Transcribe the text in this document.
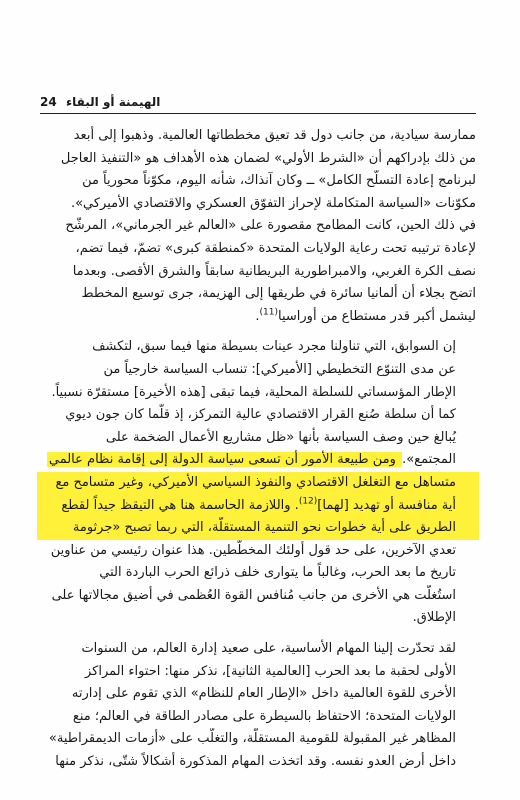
24 الهيمنة أو البقاء

ممارسة سيادية، من جانب دول قد تعيق مخططاتها العالمية. وذهبوا إلى أبعد
من ذلك بإدراكهم أن «الشرط الأولي» لضمان هذه الأهداف هو «التنفيذ العاجل
لبرنامج إعادة التسلّح الكامل» ــ وكان آنذاك، شأنه اليوم، مكوّناً محورياً من
مكوّنات «السياسة المتكاملة لإحراز التفوّق العسكري والاقتصادي الأميركي».
في ذلك الحين، كانت المطامح مقصورة على «العالم غير الجرماني»، المرشّح
لإعادة ترتيبه تحت رعاية الولايات المتحدة «كمنطقة كبرى» تضمّ، فيما تضم،
نصف الكرة الغربي، والامبراطورية البريطانية سابقاً والشرق الأقصى. وبعدما
اتضح بجلاء أن ألمانيا سائرة في طريقها إلى الهزيمة، جرى توسيع المخطط
ليشمل أكبر قدر مستطاع من أوراسيا$^{(11)}$.

إن السوابق، التي تناولنا مجرد عينات بسيطة منها فيما سبق، لتكشف
عن مدى التنوّع التخطيطي [الأميركي]: تنساب السياسة خارجياً من
الإطار المؤسساتي للسلطة المحلية، فيما تبقى [هذه الأخيرة] مستقرّة نسبياً.
كما أن سلطة صُنع القرار الاقتصادي عالية التمركز، إذ قلّما كان جون ديوي
يُبالغ حين وصف السياسة بأنها «ظل مشاريع الأعمال الضخمة على
المجتمع». ومن طبيعة الأمور أن تسعى سياسة الدولة إلى إقامة نظام عالمي
متساهل مع التغلغل الاقتصادي والنفوذ السياسي الأميركي، وغير متسامح مع
أية منافسة أو تهديد [لهما]$^{(12)}$. واللازمة الحاسمة هنا هي التيقظ جيداً لقطع
الطريق على أية خطوات نحو التنمية المستقلّة، التي ربما تصبح «جرثومة
تعدي الآخرين، على حد قول أولئك المخطّطين. هذا عنوان رئيسي من عناوين
تاريخ ما بعد الحرب، وغالباً ما يتوارى خلف ذرائع الحرب الباردة التي
استُغلّت هي الأخرى من جانب مُنافس القوة العُظمى في أضيق مجالاتها على
الإطلاق.

لقد تحدّرت إلينا المهام الأساسية، على صعيد إدارة العالم، من السنوات
الأولى لحقبة ما بعد الحرب [العالمية الثانية]، نذكر منها: احتواء المراكز
الأخرى للقوة العالمية داخل «الإطار العام للنظام» الذي تقوم على إدارته
الولايات المتحدة؛ الاحتفاظ بالسيطرة على مصادر الطاقة في العالم؛ منع
المظاهر غير المقبولة للقومية المستقلّة، والتغلّب على «أزمات الديمقراطية»
داخل أرض العدو نفسه. وقد اتخذت المهام المذكورة أشكالاً شتّى، نذكر منها
